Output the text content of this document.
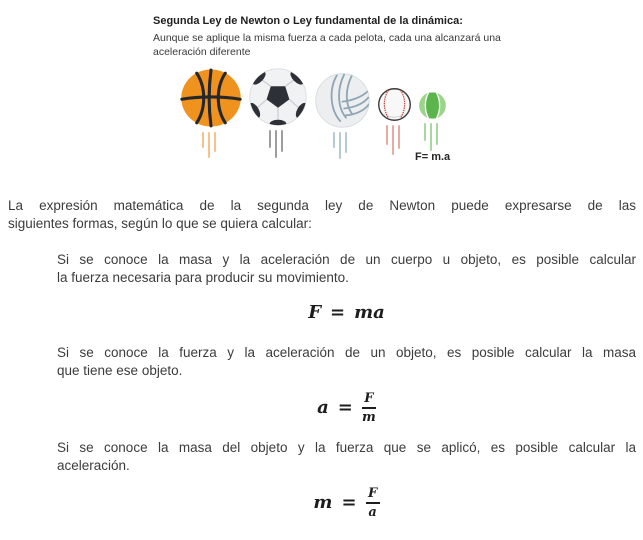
Segunda Ley de Newton o Ley fundamental de la dinámica:
Aunque se aplique la misma fuerza a cada pelota, cada una alcanzará una
aceleración diferente
F= m.a
La expresión matemática de la segunda ley de Newton puede expresarse de las
siguientes formas, según lo que se quiera calcular:
Si se conoce la masa y la aceleración de un cuerpo u objeto, es posible calcular
la fuerza necesaria para producir su movimiento.
F = ma
Si se conoce la fuerza y la aceleración de un objeto, es posible calcular la masa
que tiene ese objeto.
$a = \frac{F}{m}$
Si se conoce la masa del objeto y la fuerza que se aplicó, es posible calcular la
aceleración.
$m = \frac{F}{a}$
